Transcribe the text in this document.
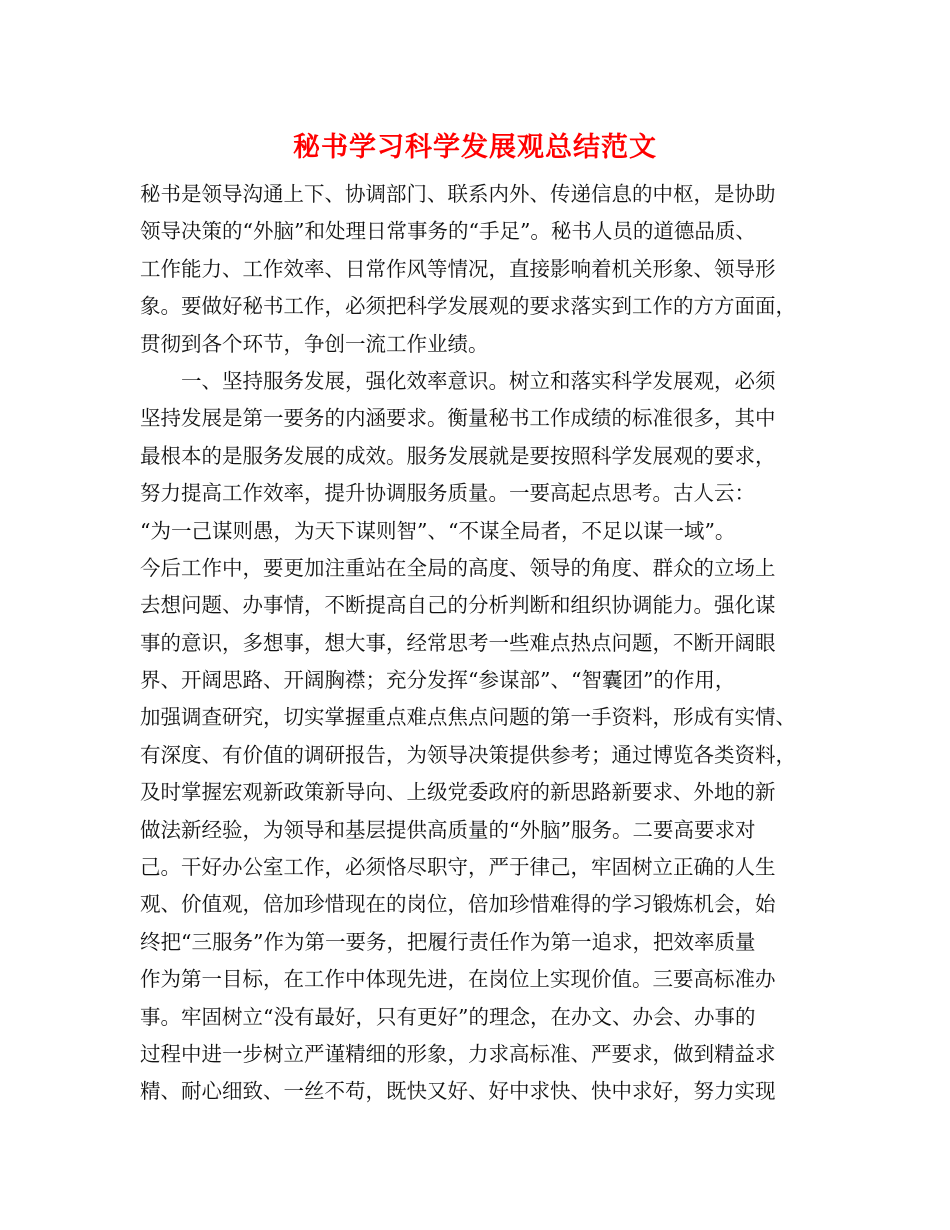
秘书学习科学发展观总结范文
秘书是领导沟通上下、协调部门、联系内外、传递信息的中枢，是协助
领导决策的“外脑”和处理日常事务的“手足”。秘书人员的道德品质、
工作能力、工作效率、日常作风等情况，直接影响着机关形象、领导形
象。要做好秘书工作，必须把科学发展观的要求落实到工作的方方面面，
贯彻到各个环节，争创一流工作业绩。
　　一、坚持服务发展，强化效率意识。树立和落实科学发展观，必须
坚持发展是第一要务的内涵要求。衡量秘书工作成绩的标准很多，其中
最根本的是服务发展的成效。服务发展就是要按照科学发展观的要求，
努力提高工作效率，提升协调服务质量。一要高起点思考。古人云：
“为一己谋则愚，为天下谋则智”、“不谋全局者，不足以谋一域”。
今后工作中，要更加注重站在全局的高度、领导的角度、群众的立场上
去想问题、办事情，不断提高自己的分析判断和组织协调能力。强化谋
事的意识，多想事，想大事，经常思考一些难点热点问题，不断开阔眼
界、开阔思路、开阔胸襟；充分发挥“参谋部”、“智囊团”的作用，
加强调查研究，切实掌握重点难点焦点问题的第一手资料，形成有实情、
有深度、有价值的调研报告，为领导决策提供参考；通过博览各类资料，
及时掌握宏观新政策新导向、上级党委政府的新思路新要求、外地的新
做法新经验，为领导和基层提供高质量的“外脑”服务。二要高要求对
己。干好办公室工作，必须恪尽职守，严于律己，牢固树立正确的人生
观、价值观，倍加珍惜现在的岗位，倍加珍惜难得的学习锻炼机会，始
终把“三服务”作为第一要务，把履行责任作为第一追求，把效率质量
作为第一目标，在工作中体现先进，在岗位上实现价值。三要高标准办
事。牢固树立“没有最好，只有更好”的理念，在办文、办会、办事的
过程中进一步树立严谨精细的形象，力求高标准、严要求，做到精益求
精、耐心细致、一丝不苟，既快又好、好中求快、快中求好，努力实现
